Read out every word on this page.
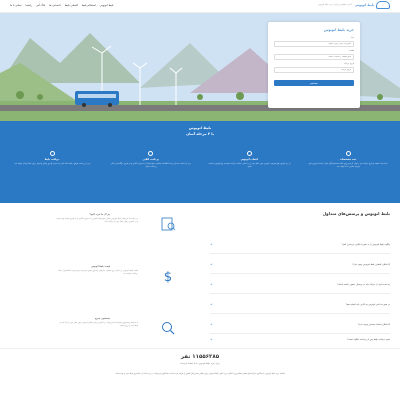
بلیط اتوبوس
آسان، مطمئن و ارزان خرید بلیط اتوبوس
بلیط اتوبوس
استعلام بلیط
کنسلی بلیط
دانستنی ها
بلاگ آس
راهنما
تماس با ما
خرید بلیط اتوبوس
مبدا
شهر مبدا خود را وارد نمائید
مقصد
شهر مقصد را انتخاب نمائید
تاریخ حرکت
تاریخ حرکت جستجو
بلیط اتوبوس
با ۴ مرحله آسان
ثبت مشخصات
ابتدا مبدا، مقصد و تاریخ حرکت خود را وارد کرده و روی دکمه جستجو کلیک نمایید. لیست اتوبوس‌های موجود نمایش داده خواهد شد.
انتخاب اتوبوس
از بین اتوبوس‌های موجود، اتوبوس مورد نظر خود را بر اساس ساعت حرکت، قیمت و نوع اتوبوس انتخاب نمایید.
پرداخت آنلاین
پس از انتخاب صندلی و ثبت اطلاعات مسافر، مبلغ بلیط را به صورت آنلاین و از طریق درگاه امن بانکی پرداخت نمایید.
دریافت بلیط
پس از پرداخت موفق، بلیط شما صادر شده و از طریق پیامک و ایمیل برای شما ارسال خواهد شد.
چرا از ما خرید کنیم؟
در سایت ما می‌توانید بلیط اتوبوس تمامی شهرهای کشور را به صورت آنلاین و با بهترین قیمت تهیه نمایید و در کمترین زمان بلیط خود را دریافت کنید.
$
قیمت بلیط اتوبوس
قیمت بلیط اتوبوس بر اساس نرخ مصوب سازمان راهداری تعیین می‌شود و هیچ هزینه اضافه‌ای از شما دریافت نخواهد شد.
جستجوی سریع
با سیستم جستجوی پیشرفته ما می‌توانید در کمترین زمان ممکن اتوبوس مورد نظر خود را پیدا کنید و بلیط خود را رزرو نمایید.
بلیط اتوبوس و پرسش‌های متداول
چگونه بلیط اتوبوس را به صورت آنلاین خریداری کنم؟
+
آیا امکان کنسلی بلیط اتوبوس وجود دارد؟
+
چه مدت قبل از حرکت باید در ترمینال حضور داشته باشم؟
+
در صورت تاخیر اتوبوس چه کاری باید انجام دهم؟
+
آیا امکان انتخاب صندلی وجود دارد؟
+
نحوه دریافت بلیط پس از پرداخت چگونه است؟
+
۱۱۵۵۶۲۸۵ نفر
برای خرید بلیط اتوبوس با ما اعتماد کرده‌اند
سامانه خرید بلیط اتوبوس با همکاری شرکت‌های معتبر مسافربری، امکان خرید آنلاین بلیط اتوبوس برای تمامی مسیرهای کشور را فراهم کرده است. مسافران می‌توانند در هر ساعت از شبانه‌روز بلیط خود را تهیه نمایند.
